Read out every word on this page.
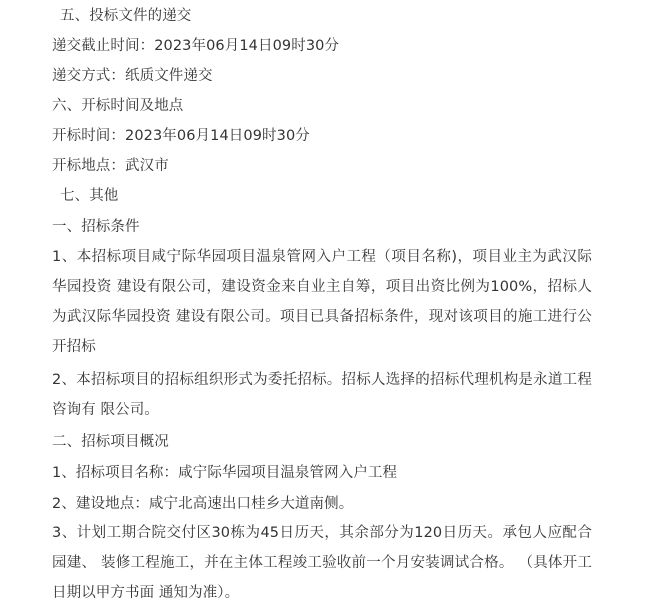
五、投标文件的递交
递交截止时间：2023年06月14日09时30分
递交方式：纸质文件递交
六、开标时间及地点
开标时间：2023年06月14日09时30分
开标地点：武汉市
七、其他
一、招标条件
1、本招标项目咸宁际华园项目温泉管网入户工程（项目名称)，项目业主为武汉际华园投资 建设有限公司，建设资金来自业主自筹，项目出资比例为100%，招标人为武汉际华园投资 建设有限公司。项目已具备招标条件，现对该项目的施工进行公开招标
2、本招标项目的招标组织形式为委托招标。招标人选择的招标代理机构是永道工程咨询有 限公司。
二、招标项目概况
1、招标项目名称：咸宁际华园项目温泉管网入户工程
2、建设地点：咸宁北高速出口桂乡大道南侧。
3、计划工期合院交付区30栋为45日历天，其余部分为120日历天。承包人应配合园建、 装修工程施工，并在主体工程竣工验收前一个月安装调试合格。 （具体开工日期以甲方书面 通知为准）。
